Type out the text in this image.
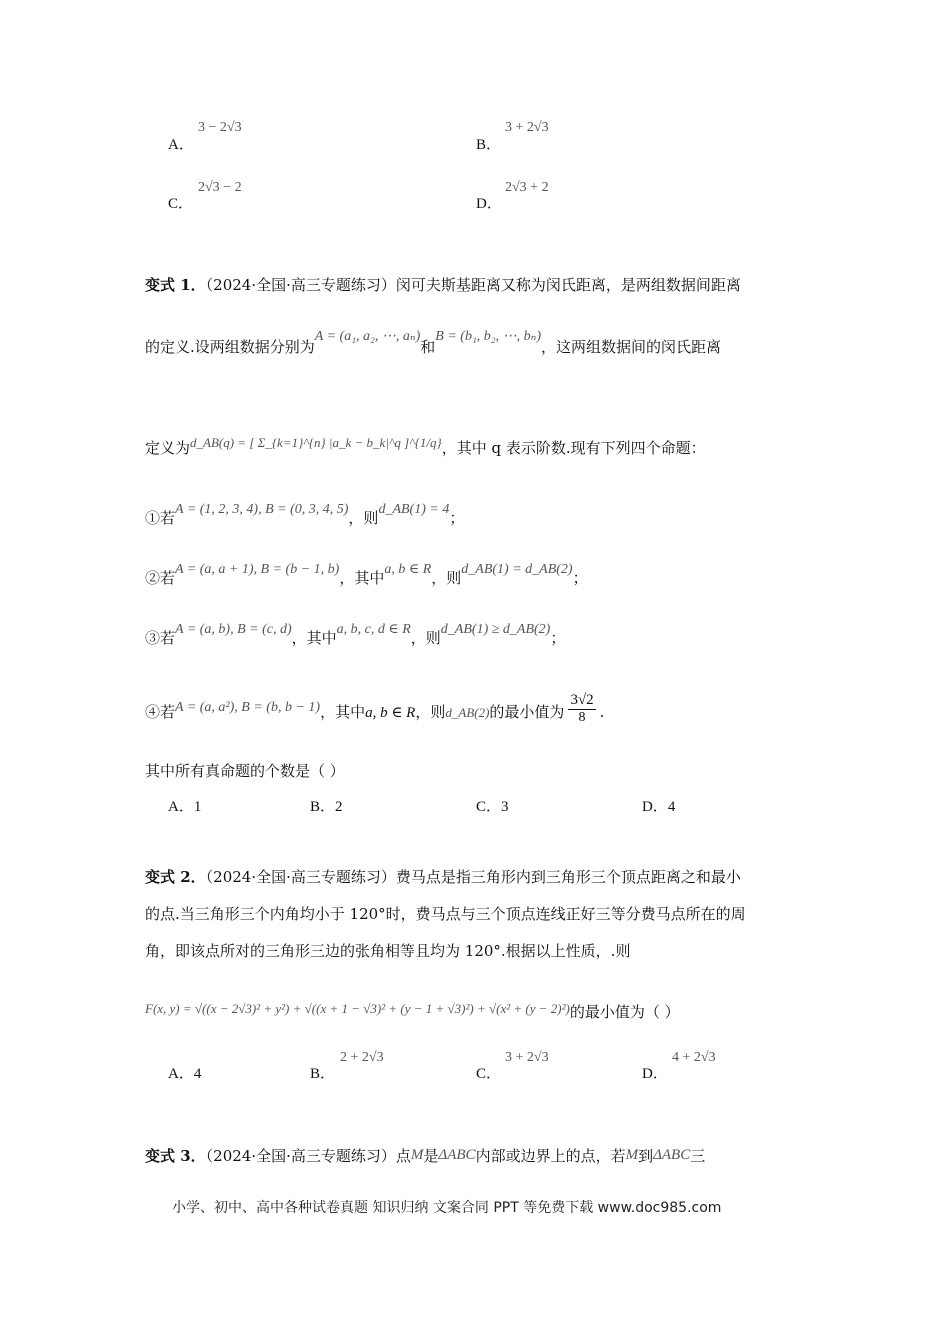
A．
3 − 2√3
B．
3 + 2√3
C．
2√3 − 2
D．
2√3 + 2
变式 1．（2024·全国·高三专题练习）闵可夫斯基距离又称为闵氏距离，是两组数据间距离
的定义.设两组数据分别为A = (a₁, a₂, ⋯, aₙ)和B = (b₁, b₂, ⋯, bₙ)，这两组数据间的闵氏距离
定义为d_AB(q) = [ Σ_{k=1}^{n} |a_k − b_k|^q ]^{1/q}，其中 q 表示阶数.现有下列四个命题：
①若A = (1, 2, 3, 4), B = (0, 3, 4, 5)，则d_AB(1) = 4；
②若A = (a, a + 1), B = (b − 1, b)，其中a, b ∈ R，则d_AB(1) = d_AB(2)；
③若A = (a, b), B = (c, d)，其中a, b, c, d ∈ R，则d_AB(1) ≥ d_AB(2)；
④若A = (a, a²), B = (b, b − 1)，其中a, b ∈ R，则d_AB(2)的最小值为 $\frac{3√2}{8}$ .
其中所有真命题的个数是（ ）
A．1	B．2	C．3	D．4
变式 2．（2024·全国·高三专题练习）费马点是指三角形内到三角形三个顶点距离之和最小
的点.当三角形三个内角均小于 120°时，费马点与三个顶点连线正好三等分费马点所在的周
角，即该点所对的三角形三边的张角相等且均为 120°.根据以上性质，.则
F(x, y) = √((x − 2√3)² + y²) + √((x + 1 − √3)² + (y − 1 + √3)²) + √(x² + (y − 2)²)的最小值为（ ）
A．4	B．
2 + 2√3
C．
3 + 2√3
D．
4 + 2√3
变式 3．（2024·全国·高三专题练习）点M是ΔABC内部或边界上的点，若M到ΔABC三
小学、初中、高中各种试卷真题 知识归纳 文案合同 PPT 等免费下载 www.doc985.com
